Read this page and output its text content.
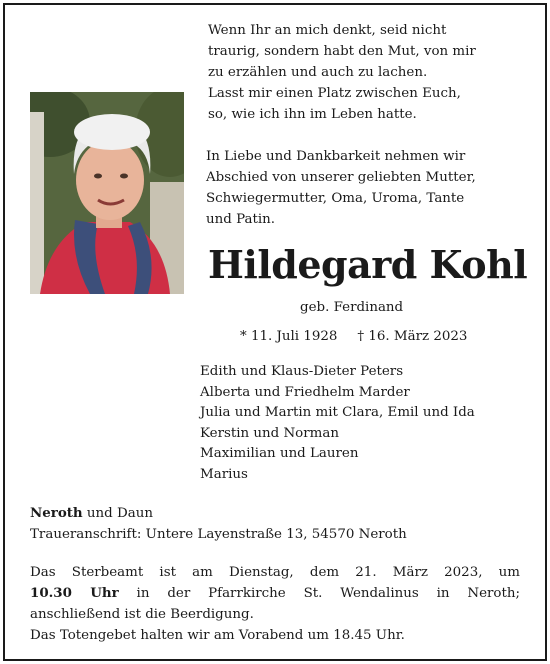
Wenn Ihr an mich denkt, seid nicht
traurig, sondern habt den Mut, von mir
zu erzählen und auch zu lachen.
Lasst mir einen Platz zwischen Euch,
so, wie ich ihn im Leben hatte.
In Liebe und Dankbarkeit nehmen wir
Abschied von unserer geliebten Mutter,
Schwiegermutter, Oma, Uroma, Tante
und Patin.
Hildegard Kohl
geb. Ferdinand
* 11. Juli 1928 † 16. März 2023
Edith und Klaus-Dieter Peters
Alberta und Friedhelm Marder
Julia und Martin mit Clara, Emil und Ida
Kerstin und Norman
Maximilian und Lauren
Marius
Neroth und Daun
Traueranschrift: Untere Layenstraße 13, 54570 Neroth
Das Sterbeamt ist am Dienstag, dem 21. März 2023, um
10.30 Uhr in der Pfarrkirche St. Wendalinus in Neroth;
anschließend ist die Beerdigung.
Das Totengebet halten wir am Vorabend um 18.45 Uhr.
